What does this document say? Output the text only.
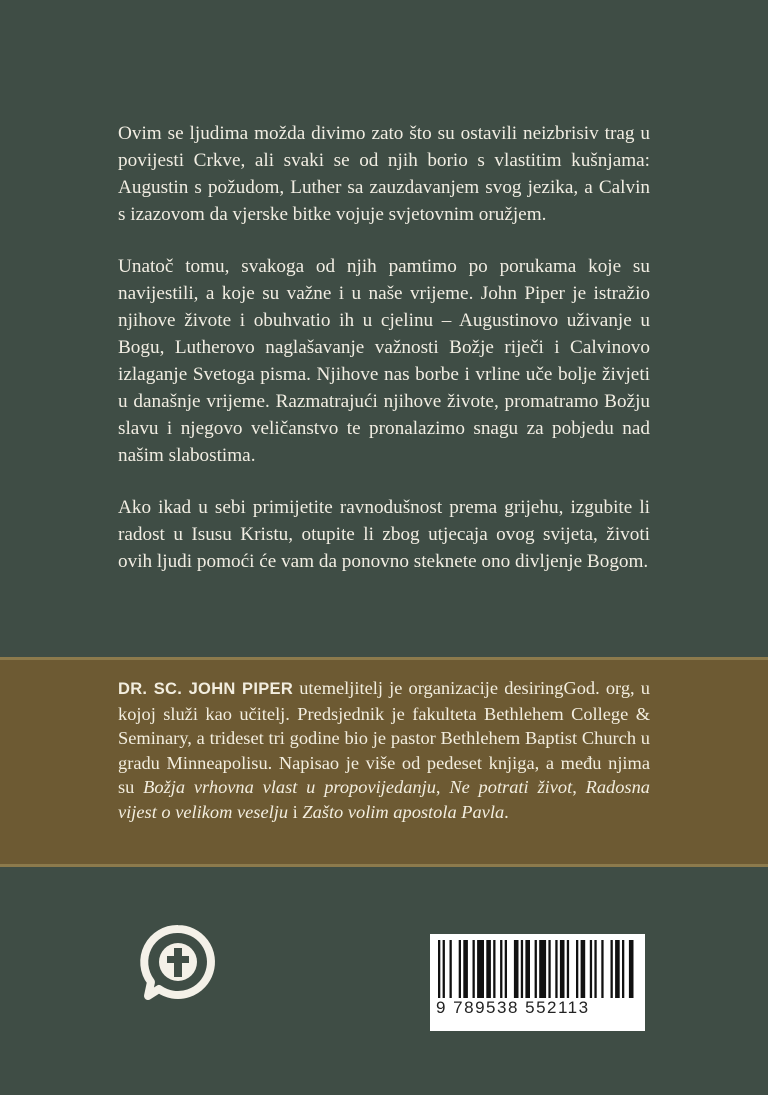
Ovim se ljudima možda divimo zato što su ostavili neizbrisiv trag u povijesti Crkve, ali svaki se od njih borio s vlastitim kušnjama: Augustin s požudom, Luther sa zauzdavanjem svog jezika, a Calvin s izazovom da vjerske bitke vojuje svjetovnim oružjem.

Unatoč tomu, svakoga od njih pamtimo po porukama koje su navijestili, a koje su važne i u naše vrijeme. John Piper je istražio njihove živote i obuhvatio ih u cjelinu – Augustinovo uživanje u Bogu, Lutherovo naglašavanje važnosti Božje riječi i Calvinovo izlaganje Svetoga pisma. Njihove nas borbe i vrline uče bolje živjeti u današnje vrijeme. Razmatrajući njihove živote, promatramo Božju slavu i njegovo veličanstvo te pronalazimo snagu za pobjedu nad našim slabostima.

Ako ikad u sebi primijetite ravnodušnost prema grijehu, izgubite li radost u Isusu Kristu, otupite li zbog utjecaja ovog svijeta, životi ovih ljudi pomoći će vam da ponovno steknete ono divljenje Bogom.

DR. SC. JOHN PIPER utemeljitelj je organizacije desiringGod. org, u kojoj služi kao učitelj. Predsjednik je fakulteta Bethlehem College & Seminary, a trideset tri godine bio je pastor Bethlehem Baptist Church u gradu Minneapolisu. Napisao je više od pedeset knjiga, a među njima su Božja vrhovna vlast u propovijedanju, Ne potrati život, Radosna vijest o velikom veselju i Zašto volim apostola Pavla.
9 789538 552113
